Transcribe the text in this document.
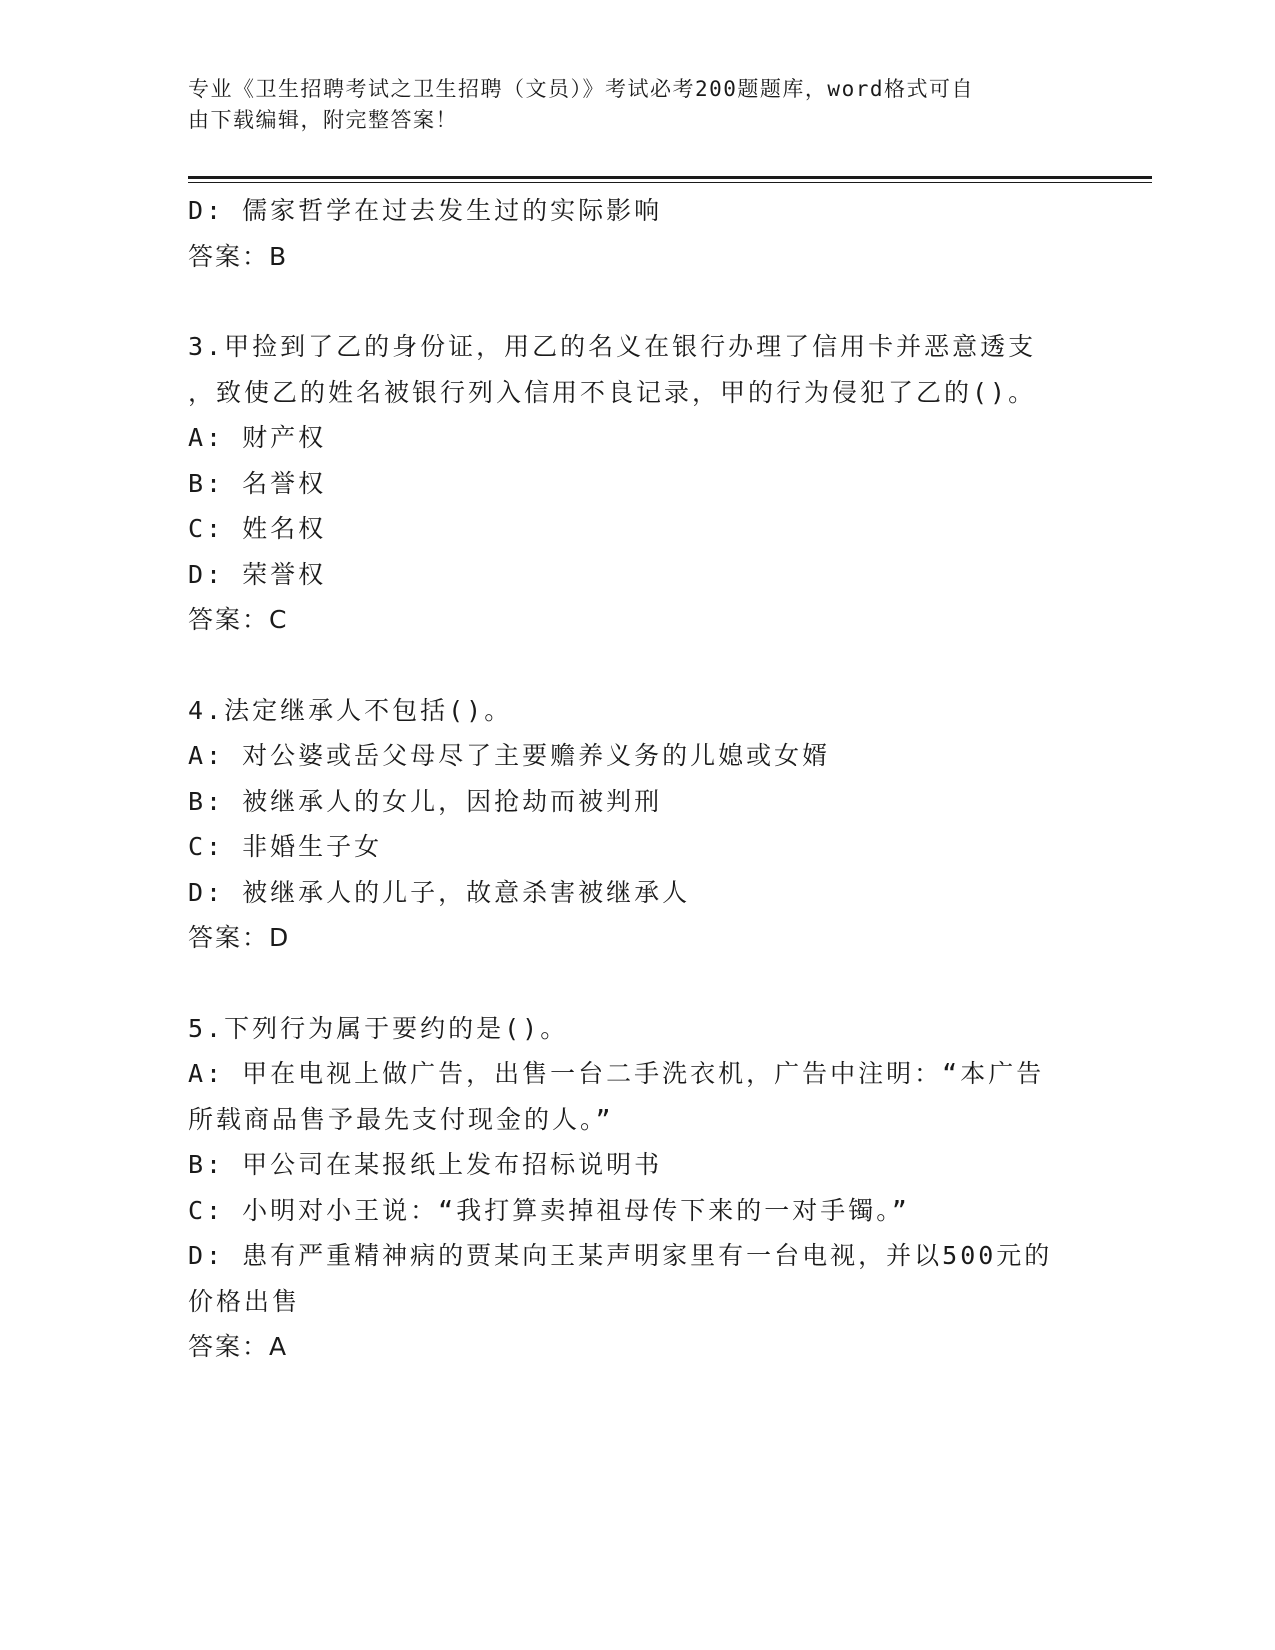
专业《卫生招聘考试之卫生招聘（文员）》考试必考200题题库，word格式可自
由下载编辑，附完整答案！
D: 儒家哲学在过去发生过的实际影响
答案：B
3.甲捡到了乙的身份证，用乙的名义在银行办理了信用卡并恶意透支
，致使乙的姓名被银行列入信用不良记录，甲的行为侵犯了乙的()。
A: 财产权
B: 名誉权
C: 姓名权
D: 荣誉权
答案：C
4.法定继承人不包括()。
A: 对公婆或岳父母尽了主要赡养义务的儿媳或女婿
B: 被继承人的女儿，因抢劫而被判刑
C: 非婚生子女
D: 被继承人的儿子，故意杀害被继承人
答案：D
5.下列行为属于要约的是()。
A: 甲在电视上做广告，出售一台二手洗衣机，广告中注明：“本广告
所载商品售予最先支付现金的人。”
B: 甲公司在某报纸上发布招标说明书
C: 小明对小王说：“我打算卖掉祖母传下来的一对手镯。”
D: 患有严重精神病的贾某向王某声明家里有一台电视，并以500元的
价格出售
答案：A
